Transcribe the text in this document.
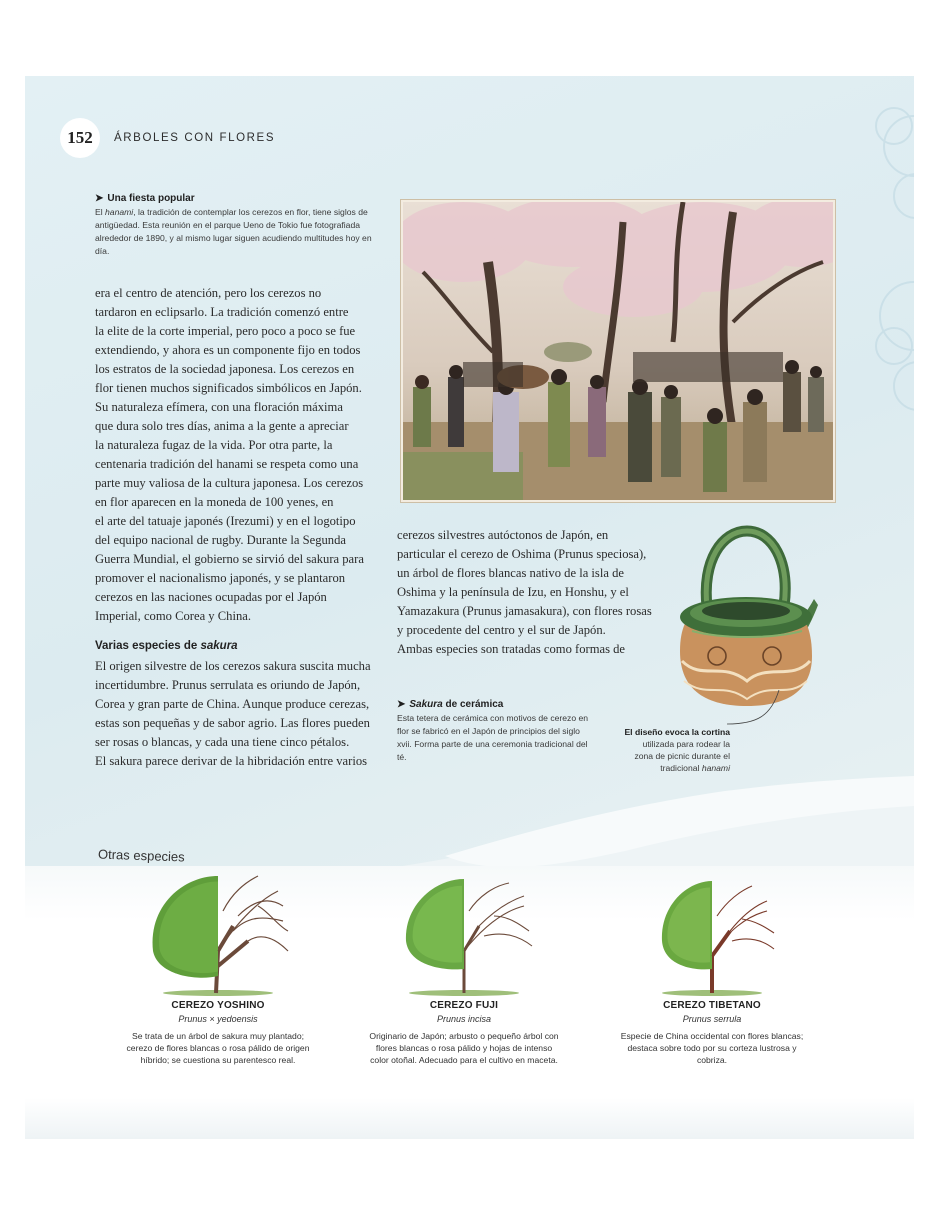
152	ÁRBOLES CON FLORES
➤ Una fiesta popular
El hanami, la tradición de contemplar los cerezos en flor, tiene siglos de antigüedad. Esta reunión en el parque Ueno de Tokio fue fotografiada alrededor de 1890, y al mismo lugar siguen acudiendo multitudes hoy en día.

era el centro de atención, pero los cerezos no

tardaron en eclipsarlo. La tradición comenzó entre

la elite de la corte imperial, pero poco a poco se fue

extendiendo, y ahora es un componente fijo en todos

los estratos de la sociedad japonesa. Los cerezos en

flor tienen muchos significados simbólicos en Japón.

Su naturaleza efímera, con una floración máxima

que dura solo tres días, anima a la gente a apreciar

la naturaleza fugaz de la vida. Por otra parte, la

centenaria tradición del hanami se respeta como una

parte muy valiosa de la cultura japonesa. Los cerezos

en flor aparecen en la moneda de 100 yenes, en

el arte del tatuaje japonés (Irezumi) y en el logotipo

del equipo nacional de rugby. Durante la Segunda

Guerra Mundial, el gobierno se sirvió del sakura para

promover el nacionalismo japonés, y se plantaron

cerezos en las naciones ocupadas por el Japón

Imperial, como Corea y China.

Varias especies de sakura

El origen silvestre de los cerezos sakura suscita mucha

incertidumbre. Prunus serrulata es oriundo de Japón,

Corea y gran parte de China. Aunque produce cerezas,

estas son pequeñas y de sabor agrio. Las flores pueden

ser rosas o blancas, y cada una tiene cinco pétalos.

El sakura parece derivar de la hibridación entre varios

cerezos silvestres autóctonos de Japón, en

particular el cerezo de Oshima (Prunus speciosa),

un árbol de flores blancas nativo de la isla de

Oshima y la península de Izu, en Honshu, y el

Yamazakura (Prunus jamasakura), con flores rosas

y procedente del centro y el sur de Japón.

Ambas especies son tratadas como formas de

El diseño evoca la cortina
utilizada para rodear la
zona de picnic durante el
tradicional hanami
➤ Sakura de cerámica
Esta tetera de cerámica con motivos de cerezo en flor se fabricó en el Japón de principios del siglo xvii. Forma parte de una ceremonia tradicional del té.
Otras especies
CEREZO YOSHINO
Prunus × yedoensis
Se trata de un árbol de sakura muy plantado; cerezo de flores blancas o rosa pálido de origen híbrido; se cuestiona su parentesco real.
CEREZO FUJI
Prunus incisa
Originario de Japón; arbusto o pequeño árbol con flores blancas o rosa pálido y hojas de intenso color otoñal. Adecuado para el cultivo en maceta.
CEREZO TIBETANO
Prunus serrula
Especie de China occidental con flores blancas; destaca sobre todo por su corteza lustrosa y cobriza.
